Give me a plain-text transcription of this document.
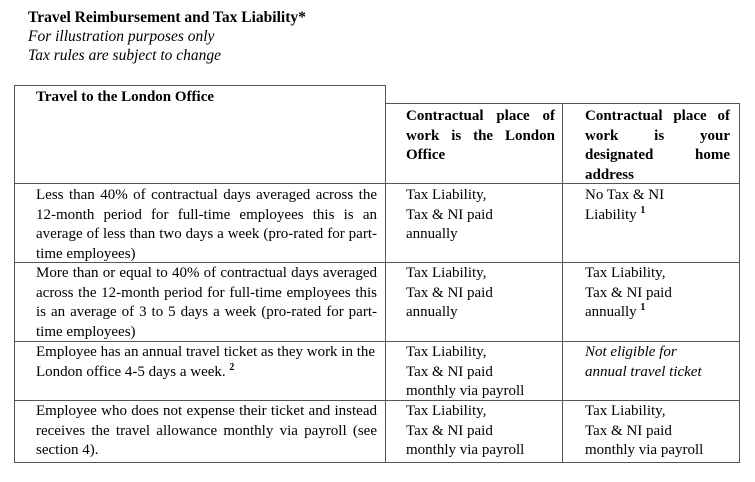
Travel Reimbursement and Tax Liability*
For illustration purposes only
Tax rules are subject to change
Travel to the London Office
Contractual place of work is the London Office
Contractual place of work is your designated home address
Less than 40% of contractual days averaged across the 12-month period for full-time employees this is an average of less than two days a week (pro-rated for part-time employees)
Tax Liability,
Tax & NI paid
annually
No Tax & NI
Liability $^1$
More than or equal to 40% of contractual days averaged across the 12-month period for full-time employees this is an average of 3 to 5 days a week (pro-rated for part-time employees)
Tax Liability,
Tax & NI paid
annually
Tax Liability,
Tax & NI paid
annually $^1$
Employee has an annual travel ticket as they work in the London office 4-5 days a week. $^2$
Tax Liability,
Tax & NI paid
monthly via payroll
Not eligible for
annual travel ticket
Employee who does not expense their ticket and instead receives the travel allowance monthly via payroll (see section 4).
Tax Liability,
Tax & NI paid
monthly via payroll
Tax Liability,
Tax & NI paid
monthly via payroll
